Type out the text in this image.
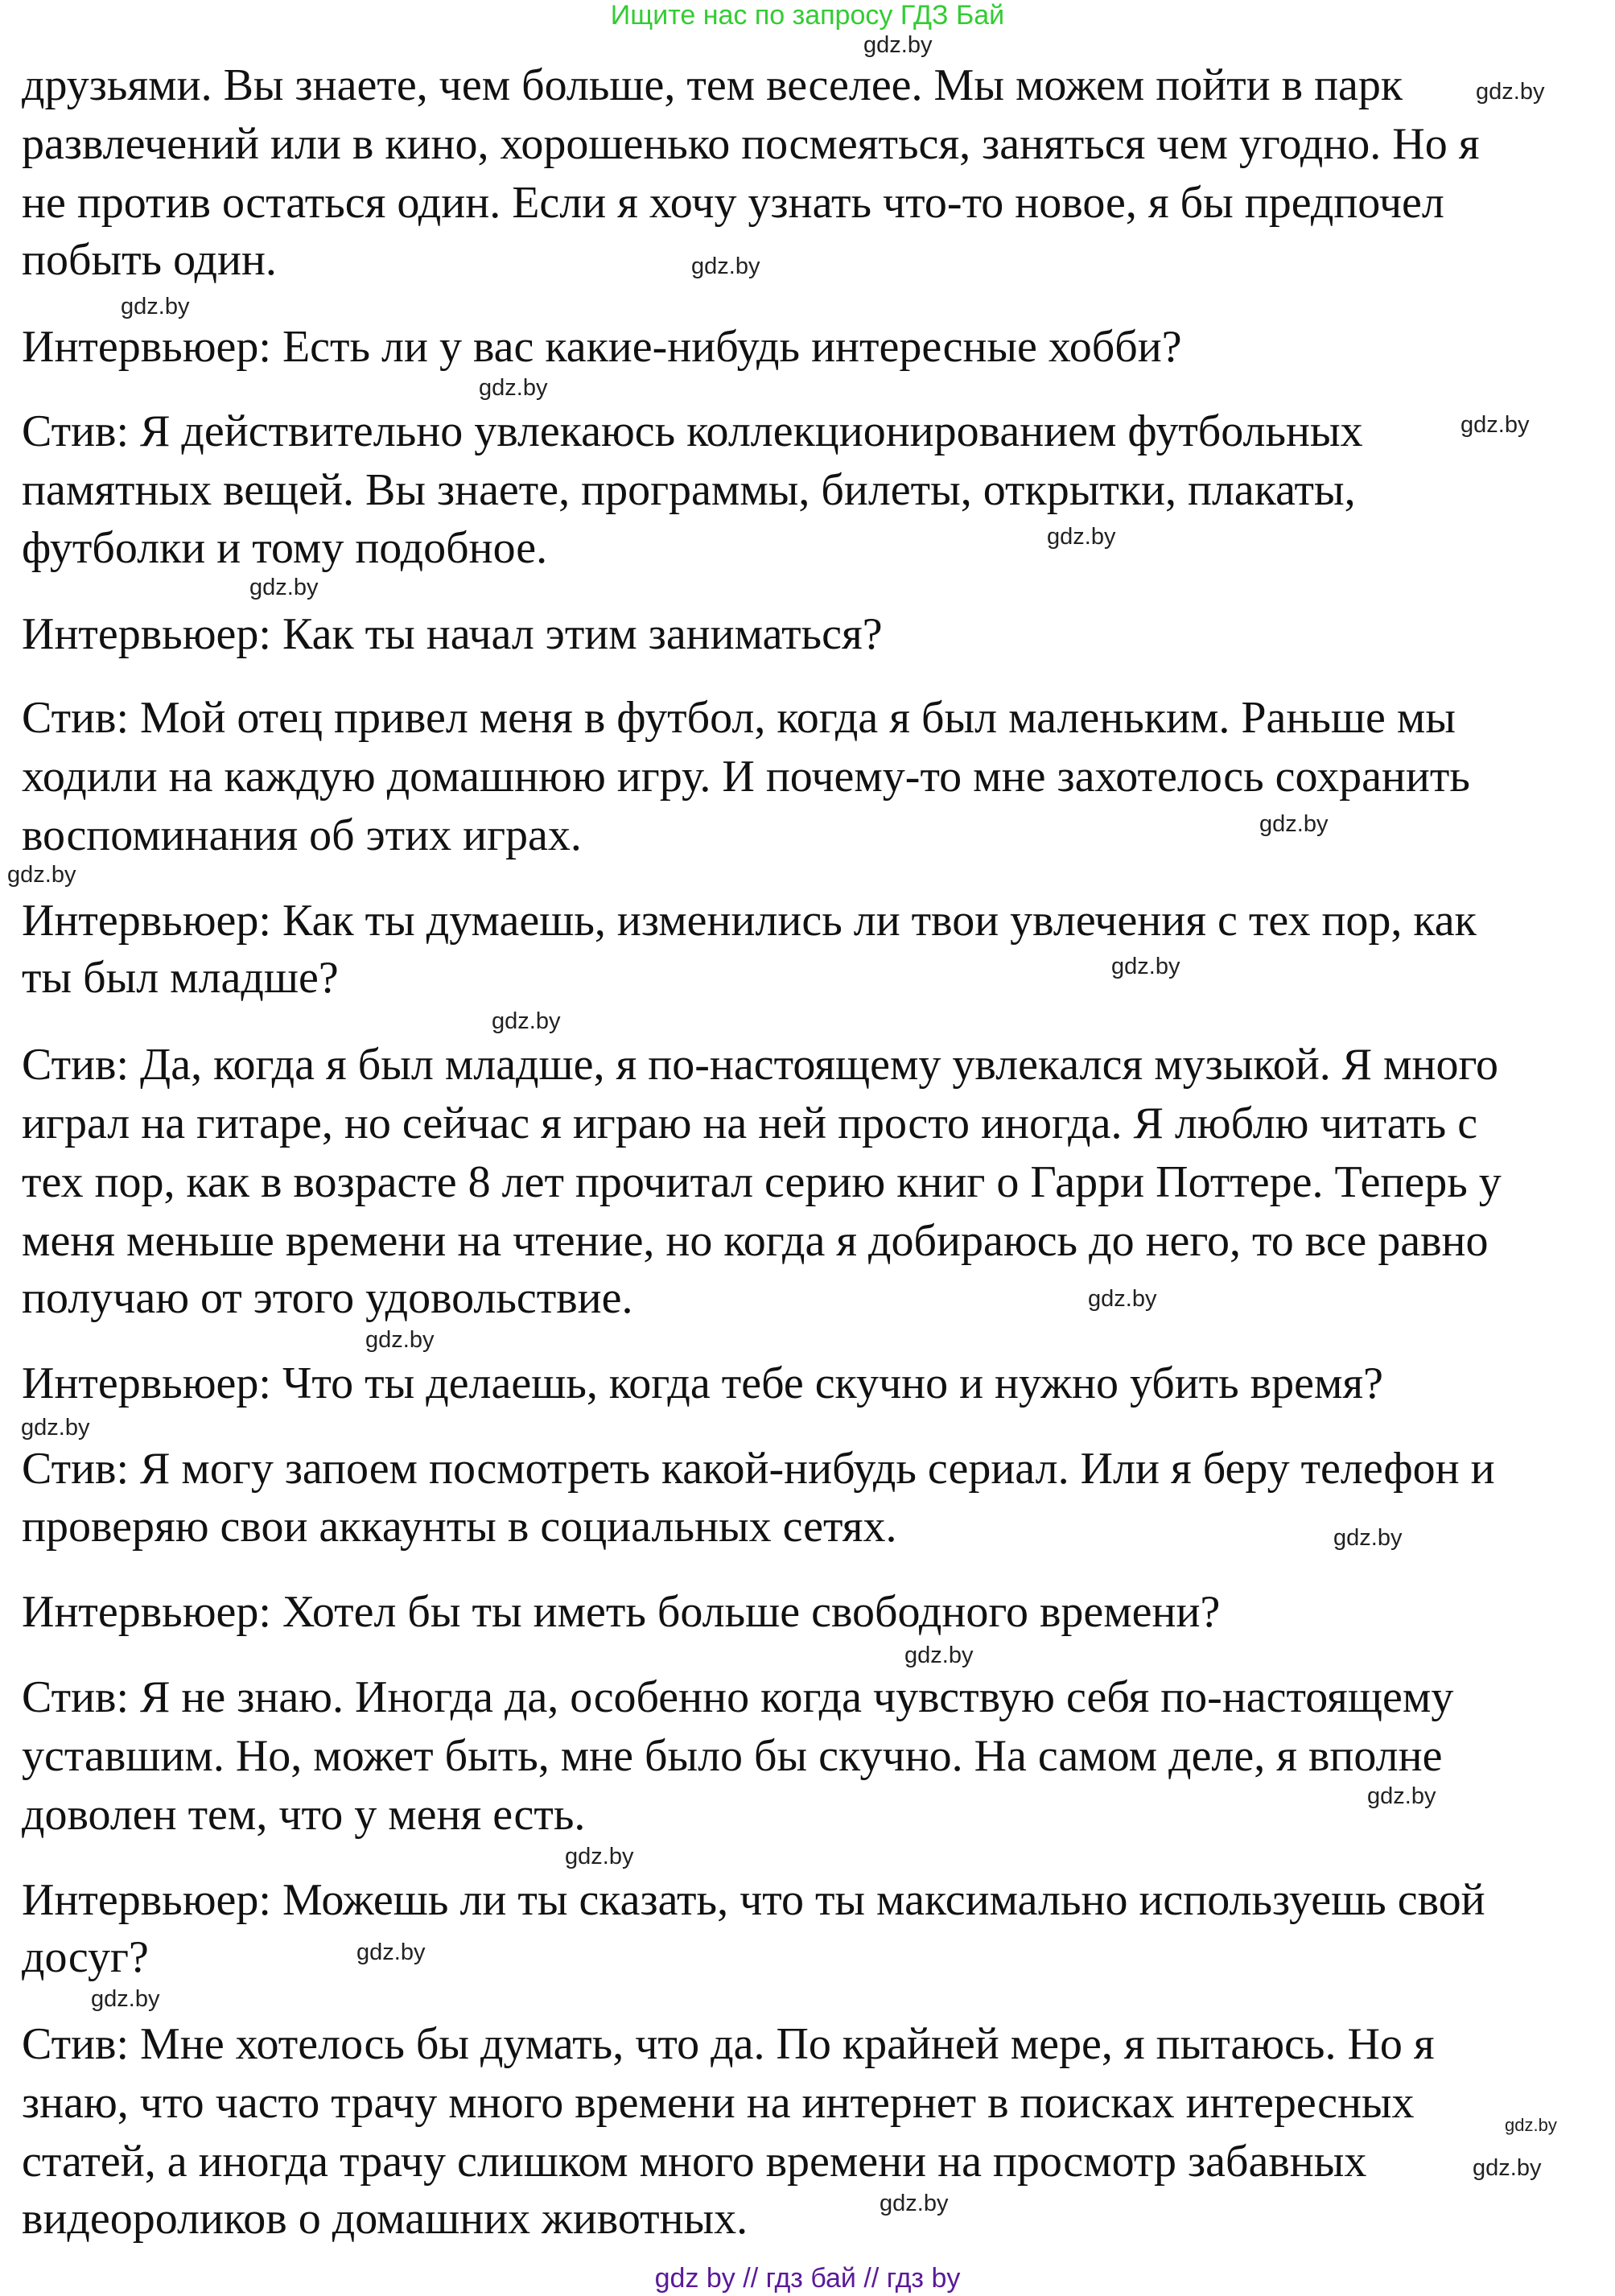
Ищите нас по запросу ГДЗ Бай
друзьями. Вы знаете, чем больше, тем веселее. Мы можем пойти в парк
развлечений или в кино, хорошенько посмеяться, заняться чем угодно. Но я
не против остаться один. Если я хочу узнать что-то новое, я бы предпочел
побыть один.
Интервьюер: Есть ли у вас какие-нибудь интересные хобби?
Стив: Я действительно увлекаюсь коллекционированием футбольных
памятных вещей. Вы знаете, программы, билеты, открытки, плакаты,
футболки и тому подобное.
Интервьюер: Как ты начал этим заниматься?
Стив: Мой отец привел меня в футбол, когда я был маленьким. Раньше мы
ходили на каждую домашнюю игру. И почему-то мне захотелось сохранить
воспоминания об этих играх.
Интервьюер: Как ты думаешь, изменились ли твои увлечения с тех пор, как
ты был младше?
Стив: Да, когда я был младше, я по-настоящему увлекался музыкой. Я много
играл на гитаре, но сейчас я играю на ней просто иногда. Я люблю читать с
тех пор, как в возрасте 8 лет прочитал серию книг о Гарри Поттере. Теперь у
меня меньше времени на чтение, но когда я добираюсь до него, то все равно
получаю от этого удовольствие.
Интервьюер: Что ты делаешь, когда тебе скучно и нужно убить время?
Стив: Я могу запоем посмотреть какой-нибудь сериал. Или я беру телефон и
проверяю свои аккаунты в социальных сетях.
Интервьюер: Хотел бы ты иметь больше свободного времени?
Стив: Я не знаю. Иногда да, особенно когда чувствую себя по-настоящему
уставшим. Но, может быть, мне было бы скучно. На самом деле, я вполне
доволен тем, что у меня есть.
Интервьюер: Можешь ли ты сказать, что ты максимально используешь свой
досуг?
Стив: Мне хотелось бы думать, что да. По крайней мере, я пытаюсь. Но я
знаю, что часто трачу много времени на интернет в поисках интересных
статей, а иногда трачу слишком много времени на просмотр забавных
видеороликов о домашних животных.
gdz.by
gdz.by
gdz.by
gdz.by
gdz.by
gdz.by
gdz.by
gdz.by
gdz.by
gdz.by
gdz.by
gdz.by
gdz.by
gdz.by
gdz.by
gdz.by
gdz.by
gdz.by
gdz.by
gdz.by
gdz.by
gdz.by
gdz.by
gdz.by
gdz by // гдз бай // гдз by
